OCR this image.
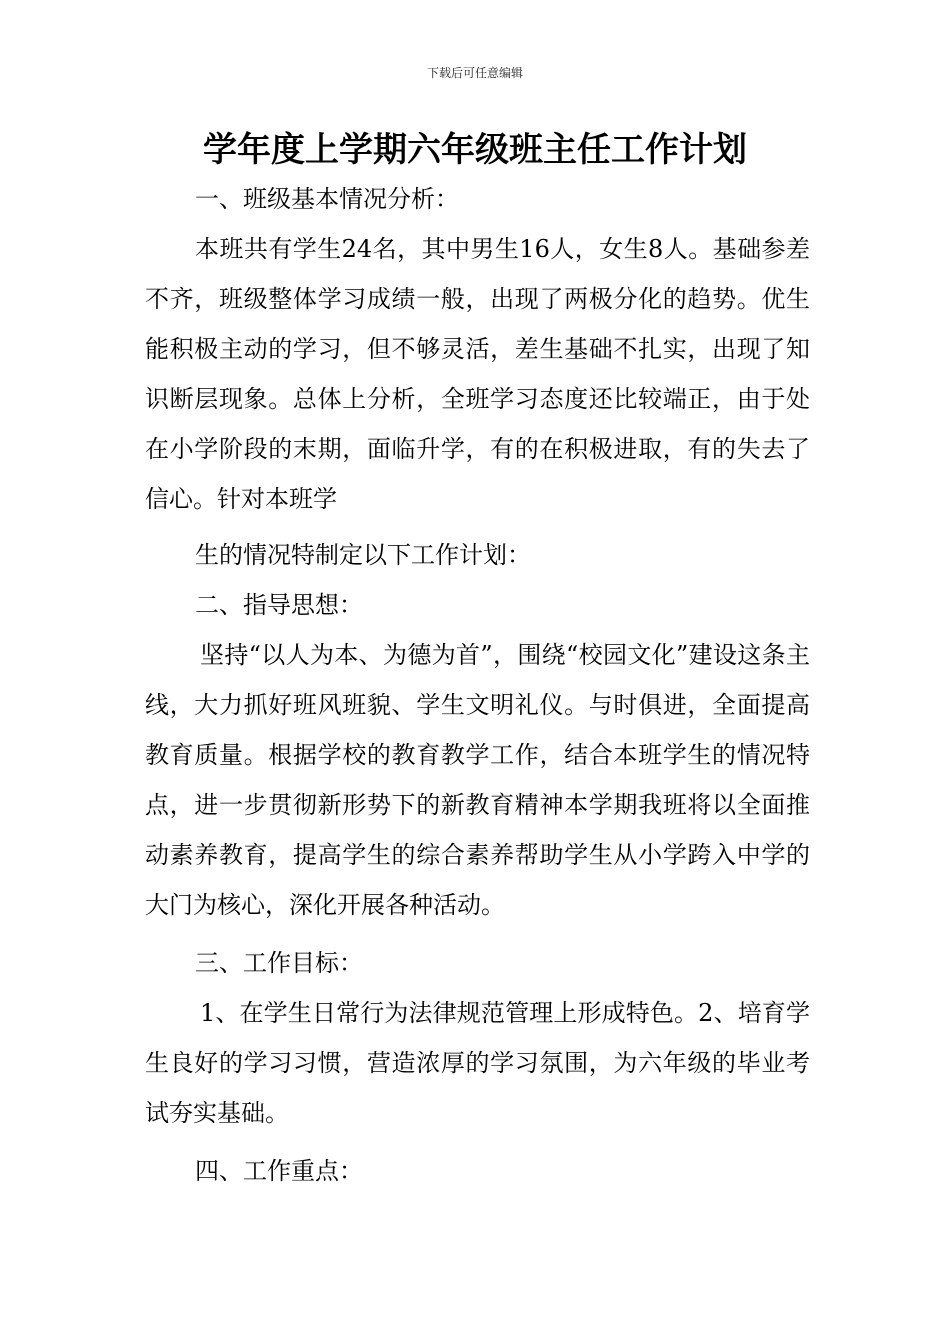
下载后可任意编辑
学年度上学期六年级班主任工作计划

一、班级基本情况分析：

本班共有学生24名，其中男生16人，女生8人。基础参差不齐，班级整体学习成绩一般，出现了两极分化的趋势。优生能积极主动的学习，但不够灵活，差生基础不扎实，出现了知识断层现象。总体上分析，全班学习态度还比较端正，由于处在小学阶段的末期，面临升学，有的在积极进取，有的失去了信心。针对本班学

生的情况特制定以下工作计划：

二、指导思想：

坚持“以人为本、为德为首”，围绕“校园文化”建设这条主线，大力抓好班风班貌、学生文明礼仪。与时俱进，全面提高教育质量。根据学校的教育教学工作，结合本班学生的情况特点，进一步贯彻新形势下的新教育精神本学期我班将以全面推动素养教育，提高学生的综合素养帮助学生从小学跨入中学的大门为核心，深化开展各种活动。

三、工作目标：

1、在学生日常行为法律规范管理上形成特色。2、培育学生良好的学习习惯，营造浓厚的学习氛围，为六年级的毕业考试夯实基础。

四、工作重点：
